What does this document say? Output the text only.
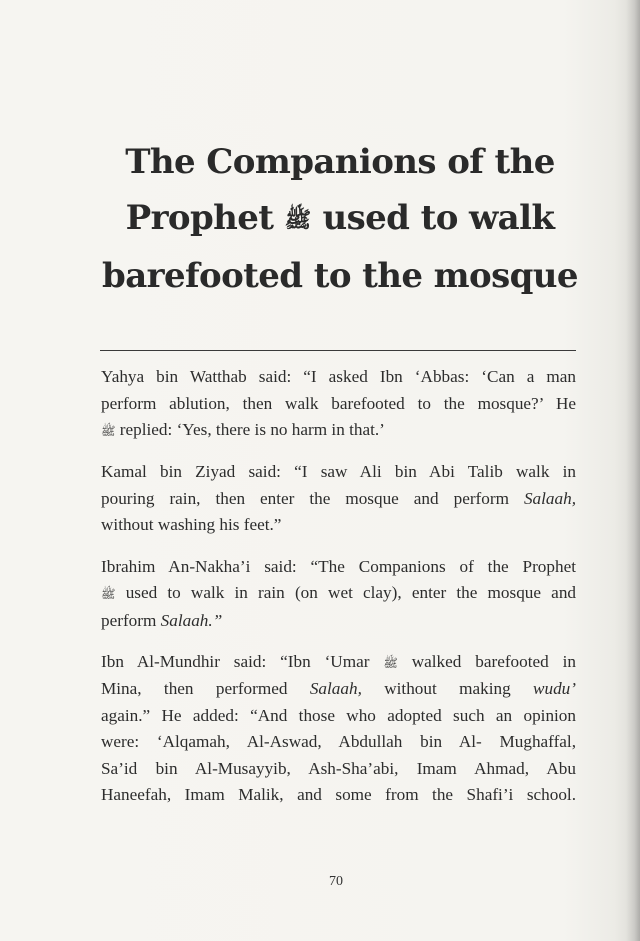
The Companions of the
Prophet ﷺ used to walk
barefooted to the mosque

Yahya bin Watthab said: “I asked Ibn ‘Abbas: ‘Can a man
perform ablution, then walk barefooted to the mosque?’ He
ﷺ replied: ‘Yes, there is no harm in that.’

Kamal bin Ziyad said: “I saw Ali bin Abi Talib walk in
pouring rain, then enter the mosque and perform Salaah,
without washing his feet.”

Ibrahim An-Nakha’i said: “The Companions of the Prophet
ﷺ used to walk in rain (on wet clay), enter the mosque and
perform Salaah.”

Ibn Al-Mundhir said: “Ibn ‘Umar ﷺ walked barefooted in
Mina, then performed Salaah, without making wudu’
again.” He added: “And those who adopted such an opinion
were: ‘Alqamah, Al-Aswad, Abdullah bin Al- Mughaffal,
Sa’id bin Al-Musayyib, Ash-Sha’abi, Imam Ahmad, Abu
Haneefah, Imam Malik, and some from the Shafi’i school.

70
